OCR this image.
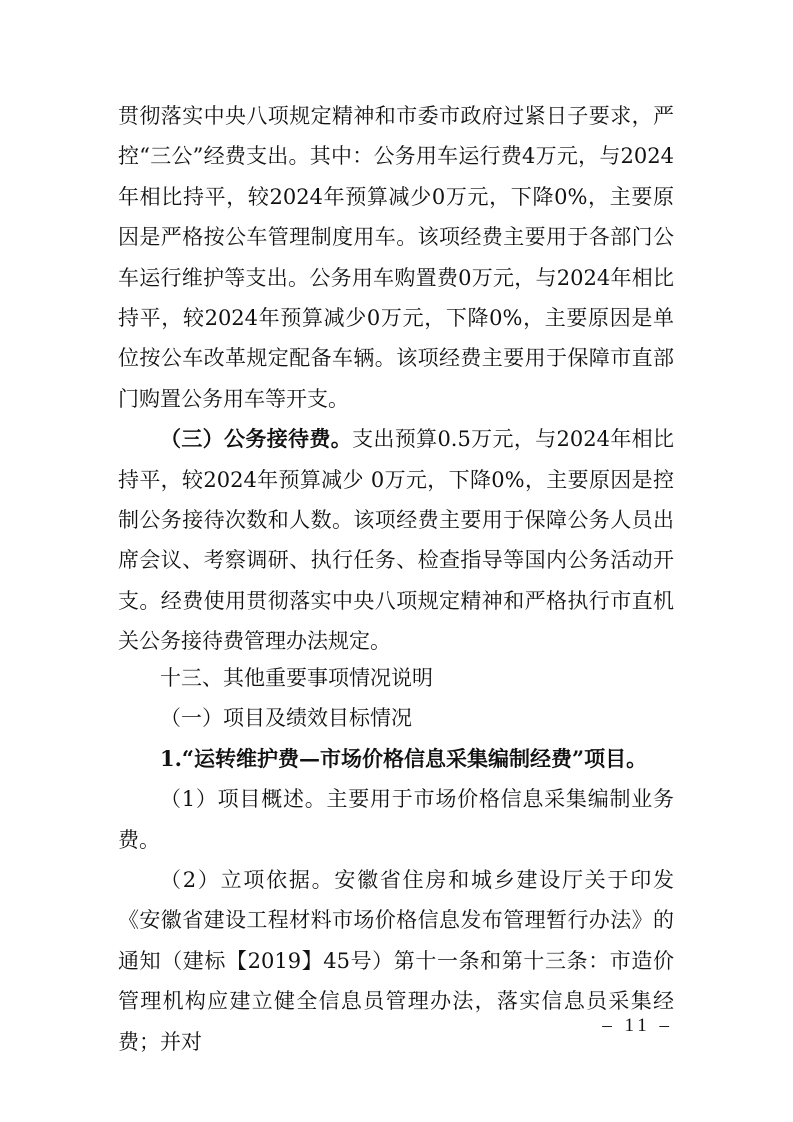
贯彻落实中央八项规定精神和市委市政府过紧日子要求，严控“三公”经费支出。其中：公务用车运行费4万元，与2024年相比持平，较2024年预算减少0万元，下降0%，主要原因是严格按公车管理制度用车。该项经费主要用于各部门公车运行维护等支出。公务用车购置费0万元，与2024年相比持平，较2024年预算减少0万元，下降0%，主要原因是单位按公车改革规定配备车辆。该项经费主要用于保障市直部门购置公务用车等开支。

（三）公务接待费。支出预算0.5万元，与2024年相比持平，较2024年预算减少 0万元，下降0%，主要原因是控制公务接待次数和人数。该项经费主要用于保障公务人员出席会议、考察调研、执行任务、检查指导等国内公务活动开支。经费使用贯彻落实中央八项规定精神和严格执行市直机关公务接待费管理办法规定。

十三、其他重要事项情况说明

（一）项目及绩效目标情况

1.“运转维护费—市场价格信息采集编制经费”项目。

（1）项目概述。主要用于市场价格信息采集编制业务费。

（2）立项依据。安徽省住房和城乡建设厅关于印发《安徽省建设工程材料市场价格信息发布管理暂行办法》的通知（建标【2019】45号）第十一条和第十三条：市造价管理机构应建立健全信息员管理办法，落实信息员采集经费；并对

– 11 –
